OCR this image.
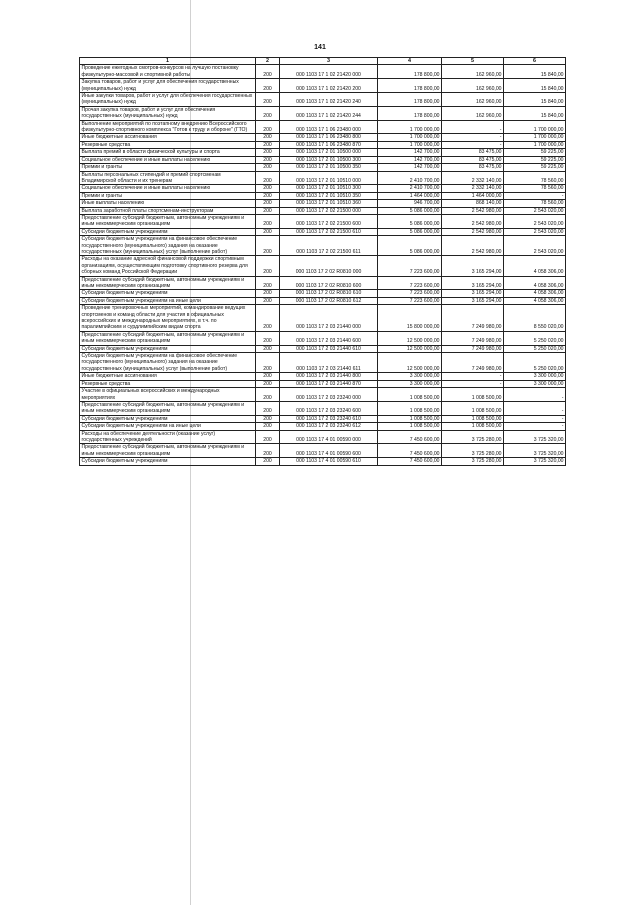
141
1	2	3	4	5	6
Проведение ежегодных смотров-конкурсов на лучшую постановку физкультурно-массовой и спортивной работы	200	000 1103 17 1 02 21420 000	178 800,00	162 960,00	15 840,00
Закупка товаров, работ и услуг для обеспечения государственных (муниципальных) нужд	200	000 1103 17 1 02 21420 200	178 800,00	162 960,00	15 840,00
Иные закупки товаров, работ и услуг для обеспечения государственных (муниципальных) нужд	200	000 1103 17 1 02 21420 240	178 800,00	162 960,00	15 840,00
Прочая закупка товаров, работ и услуг для обеспечения государственных (муниципальных) нужд	200	000 1103 17 1 02 21420 244	178 800,00	162 960,00	15 840,00
Выполнение мероприятий по поэтапному внедрению Всероссийского физкультурно-спортивного комплекса "Готов к труду и обороне" (ГТО)	200	000 1103 17 1 06 23480 000	1 700 000,00	-	1 700 000,00
Иные бюджетные ассигнования	200	000 1103 17 1 06 23480 800	1 700 000,00	-	1 700 000,00
Резервные средства	200	000 1103 17 1 06 23480 870	1 700 000,00	-	1 700 000,00
Выплата премий в области физической культуры и спорта	200	000 1103 17 2 01 10500 000	142 700,00	83 475,00	59 225,00
Социальное обеспечение и иные выплаты населению	200	000 1103 17 2 01 10500 300	142 700,00	83 475,00	59 225,00
Премии и гранты	200	000 1103 17 2 01 10500 350	142 700,00	83 475,00	59 225,00
Выплаты персональных стипендий и премий спортсменам Владимирской области и их тренерам	200	000 1103 17 2 01 10510 000	2 410 700,00	2 332 140,00	78 560,00
Социальное обеспечение и иные выплаты населению	200	000 1103 17 2 01 10510 300	2 410 700,00	2 332 140,00	78 560,00
Премии и гранты	200	000 1103 17 2 01 10510 350	1 464 000,00	1 464 000,00	-
Иные выплаты населению	200	000 1103 17 2 01 10510 360	946 700,00	868 140,00	78 560,00
Выплата заработной платы спортсменам-инструкторам	200	000 1103 17 2 02 21500 000	5 086 000,00	2 542 980,00	2 543 020,00
Предоставление субсидий бюджетным, автономным учреждениям и иным некоммерческим организациям	200	000 1103 17 2 02 21500 600	5 086 000,00	2 542 980,00	2 543 020,00
Субсидии бюджетным учреждениям	200	000 1103 17 2 02 21500 610	5 086 000,00	2 542 980,00	2 543 020,00
Субсидии бюджетным учреждениям на финансовое обеспечение государственного (муниципального) задания на оказание государственных (муниципальных) услуг (выполнение работ)	200	000 1103 17 2 02 21500 611	5 086 000,00	2 542 980,00	2 543 020,00
Расходы на оказание адресной финансовой поддержки спортивным организациям, осуществляющим подготовку спортивного резерва для сборных команд Российской Федерации	200	000 1103 17 2 02 R0810 000	7 223 600,00	3 165 294,00	4 058 306,00
Предоставление субсидий бюджетным, автономным учреждениям и иным некоммерческим организациям	200	000 1103 17 2 02 R0810 600	7 223 600,00	3 165 294,00	4 058 306,00
Субсидии бюджетным учреждениям	200	000 1103 17 2 02 R0810 610	7 223 600,00	3 165 294,00	4 058 306,00
Субсидии бюджетным учреждениям на иные цели	200	000 1103 17 2 02 R0810 612	7 223 600,00	3 165 294,00	4 058 306,00
Проведение тренировочных мероприятий, командирование ведущих спортсменов и команд области для участия в официальных всероссийских и международных мероприятиях, в т.ч. по паралимпийским и сурдлимпийским видам спорта	200	000 1103 17 2 03 21440 000	15 800 000,00	7 249 980,00	8 550 020,00
Предоставление субсидий бюджетным, автономным учреждениям и иным некоммерческим организациям	200	000 1103 17 2 03 21440 600	12 500 000,00	7 249 980,00	5 250 020,00
Субсидии бюджетным учреждениям	200	000 1103 17 2 03 21440 610	12 500 000,00	7 249 980,00	5 250 020,00
Субсидии бюджетным учреждениям на финансовое обеспечение государственного (муниципального) задания на оказание государственных (муниципальных) услуг (выполнение работ)	200	000 1103 17 2 03 21440 611	12 500 000,00	7 249 980,00	5 250 020,00
Иные бюджетные ассигнования	200	000 1103 17 2 03 21440 800	3 300 000,00	-	3 300 000,00
Резервные средства	200	000 1103 17 2 03 21440 870	3 300 000,00	-	3 300 000,00
Участие в официальных всероссийских и международных мероприятиях	200	000 1103 17 2 03 23240 000	1 008 500,00	1 008 500,00	-
Предоставление субсидий бюджетным, автономным учреждениям и иным некоммерческим организациям	200	000 1103 17 2 03 23240 600	1 008 500,00	1 008 500,00	-
Субсидии бюджетным учреждениям	200	000 1103 17 2 03 23240 610	1 008 500,00	1 008 500,00	-
Субсидии бюджетным учреждениям на иные цели	200	000 1103 17 2 03 23240 612	1 008 500,00	1 008 500,00	-
Расходы на обеспечение деятельности (оказание услуг) государственных учреждений	200	000 1103 17 4 01 00590 000	7 450 600,00	3 725 280,00	3 725 320,00
Предоставление субсидий бюджетным, автономным учреждениям и иным некоммерческим организациям	200	000 1103 17 4 01 00590 600	7 450 600,00	3 725 280,00	3 725 320,00
Субсидии бюджетным учреждениям	200	000 1103 17 4 01 00590 610	7 450 600,00	3 725 280,00	3 725 320,00
